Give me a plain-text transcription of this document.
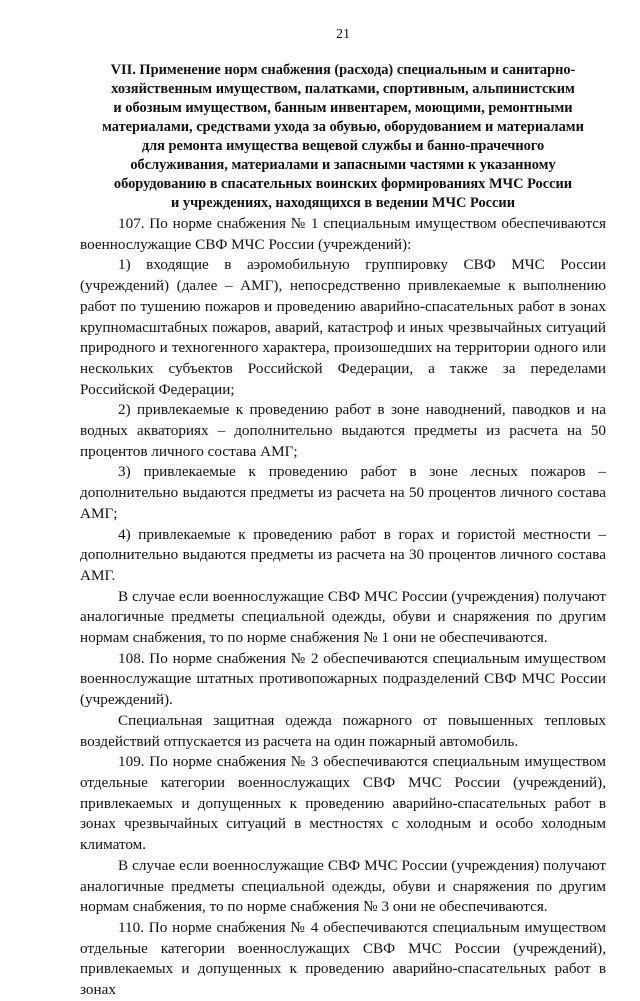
21
VII. Применение норм снабжения (расхода) специальным и санитарно-
хозяйственным имуществом, палатками, спортивным, альпинистским
и обозным имуществом, банным инвентарем, моющими, ремонтными
материалами, средствами ухода за обувью, оборудованием и материалами
для ремонта имущества вещевой службы и банно-прачечного
обслуживания, материалами и запасными частями к указанному
оборудованию в спасательных воинских формированиях МЧС России
и учреждениях, находящихся в ведении МЧС России

107. По норме снабжения № 1 специальным имуществом обеспечиваются военнослужащие СВФ МЧС России (учреждений):

1) входящие в аэромобильную группировку СВФ МЧС России (учреждений) (далее – АМГ), непосредственно привлекаемые к выполнению работ по тушению пожаров и проведению аварийно-спасательных работ в зонах крупномасштабных пожаров, аварий, катастроф и иных чрезвычайных ситуаций природного и техногенного характера, произошедших на территории одного или нескольких субъектов Российской Федерации, а также за переделами Российской Федерации;

2) привлекаемые к проведению работ в зоне наводнений, паводков и на водных акваториях – дополнительно выдаются предметы из расчета на 50 процентов личного состава АМГ;

3) привлекаемые к проведению работ в зоне лесных пожаров – дополнительно выдаются предметы из расчета на 50 процентов личного состава АМГ;

4) привлекаемые к проведению работ в горах и гористой местности – дополнительно выдаются предметы из расчета на 30 процентов личного состава АМГ.

В случае если военнослужащие СВФ МЧС России (учреждения) получают аналогичные предметы специальной одежды, обуви и снаряжения по другим нормам снабжения, то по норме снабжения № 1 они не обеспечиваются.

108. По норме снабжения № 2 обеспечиваются специальным имуществом военнослужащие штатных противопожарных подразделений СВФ МЧС России (учреждений).

Специальная защитная одежда пожарного от повышенных тепловых воздействий отпускается из расчета на один пожарный автомобиль.

109. По норме снабжения № 3 обеспечиваются специальным имуществом отдельные категории военнослужащих СВФ МЧС России (учреждений), привлекаемых и допущенных к проведению аварийно-спасательных работ в зонах чрезвычайных ситуаций в местностях с холодным и особо холодным климатом.

В случае если военнослужащие СВФ МЧС России (учреждения) получают аналогичные предметы специальной одежды, обуви и снаряжения по другим нормам снабжения, то по норме снабжения № 3 они не обеспечиваются.

110. По норме снабжения № 4 обеспечиваются специальным имуществом отдельные категории военнослужащих СВФ МЧС России (учреждений), привлекаемых и допущенных к проведению аварийно-спасательных работ в зонах
